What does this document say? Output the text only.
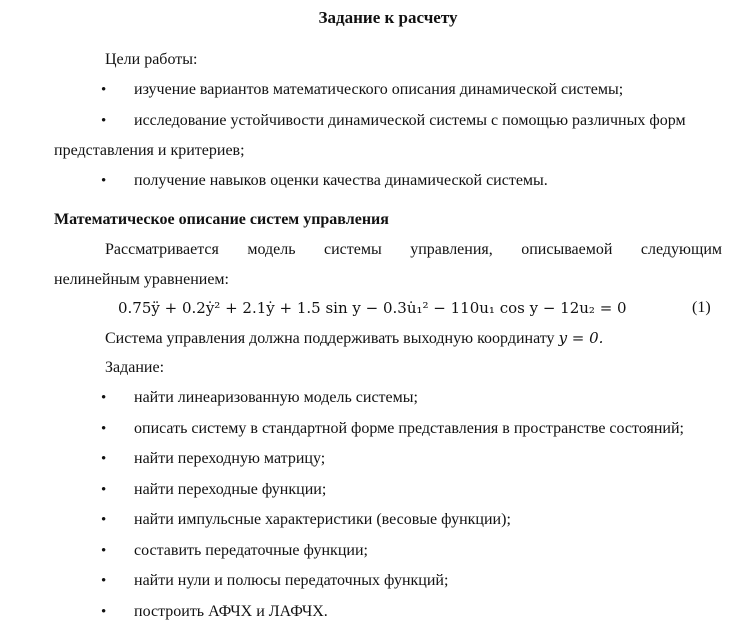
Задание к расчету
Цели работы:
• изучение вариантов математического описания динамической системы;
• исследование устойчивости динамической системы с помощью различных форм
представления и критериев;
• получение навыков оценки качества динамической системы.
Математическое описание систем управления
Рассматривается модель системы управления, описываемой следующим
нелинейным уравнением:
0.75ÿ + 0.2ẏ² + 2.1ẏ + 1.5 sin y − 0.3u̇₁² − 110u₁ cos y − 12u₂ = 0	(1)
Система управления должна поддерживать выходную координату y = 0.
Задание:
• найти линеаризованную модель системы;
• описать систему в стандартной форме представления в пространстве состояний;
• найти переходную матрицу;
• найти переходные функции;
• найти импульсные характеристики (весовые функции);
• составить передаточные функции;
• найти нули и полюсы передаточных функций;
• построить АФЧХ и ЛАФЧХ.
